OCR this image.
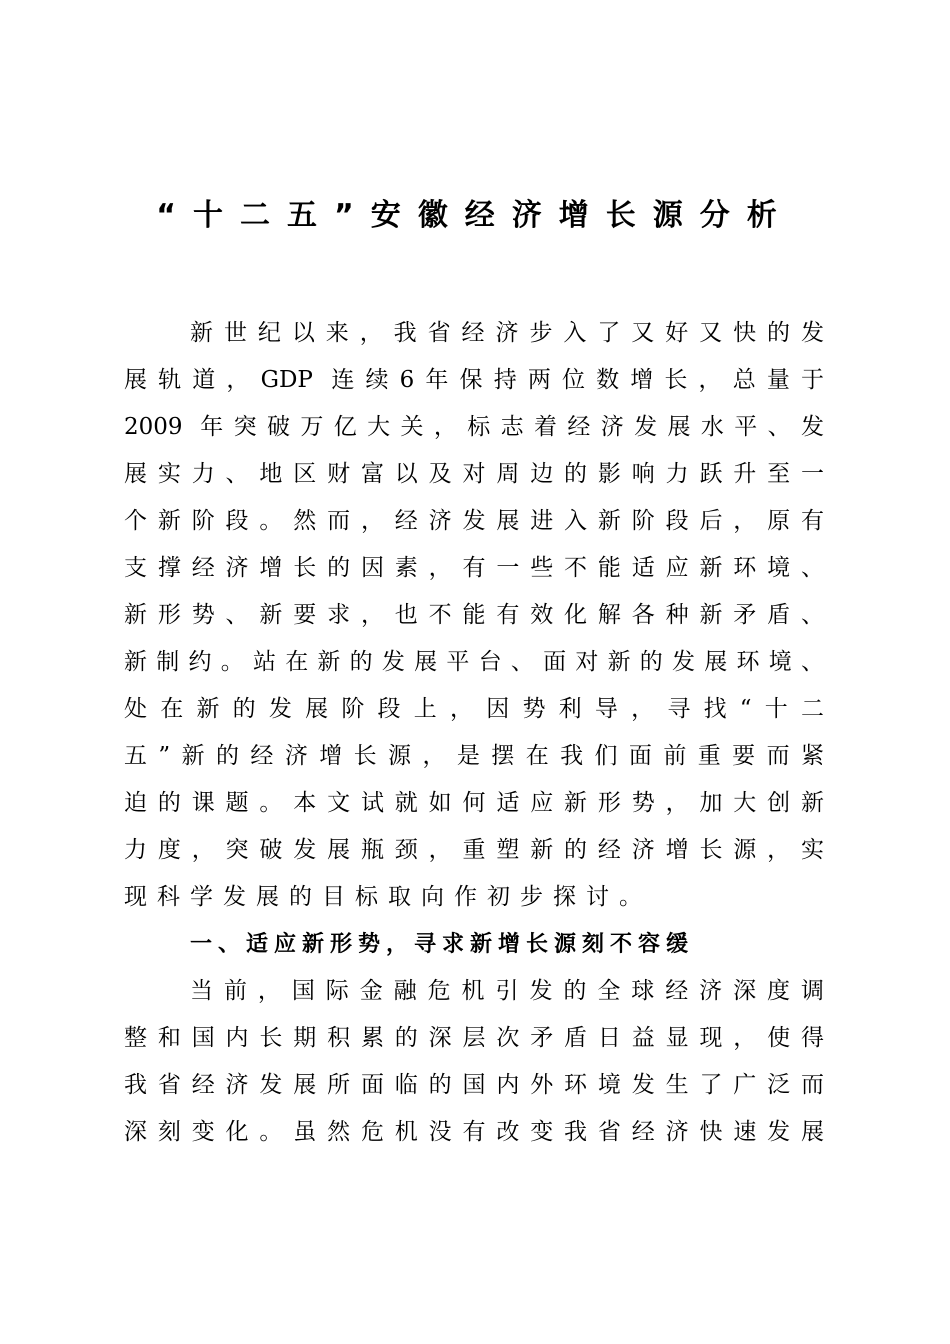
“十二五”安徽经济增长源分析
新世纪以来，我省经济步入了又好又快的发
展轨道，GDP 连续6年保持两位数增长，总量于
2009 年突破万亿大关，标志着经济发展水平、发
展实力、地区财富以及对周边的影响力跃升至一
个新阶段。然而，经济发展进入新阶段后，原有
支撑经济增长的因素，有一些不能适应新环境、
新形势、新要求，也不能有效化解各种新矛盾、
新制约。站在新的发展平台、面对新的发展环境、
处在新的发展阶段上，因势利导，寻找“十二
五”新的经济增长源，是摆在我们面前重要而紧
迫的课题。本文试就如何适应新形势，加大创新
力度，突破发展瓶颈，重塑新的经济增长源，实
现科学发展的目标取向作初步探讨。
一、适应新形势，寻求新增长源刻不容缓
当前，国际金融危机引发的全球经济深度调
整和国内长期积累的深层次矛盾日益显现，使得
我省经济发展所面临的国内外环境发生了广泛而
深刻变化。虽然危机没有改变我省经济快速发展
